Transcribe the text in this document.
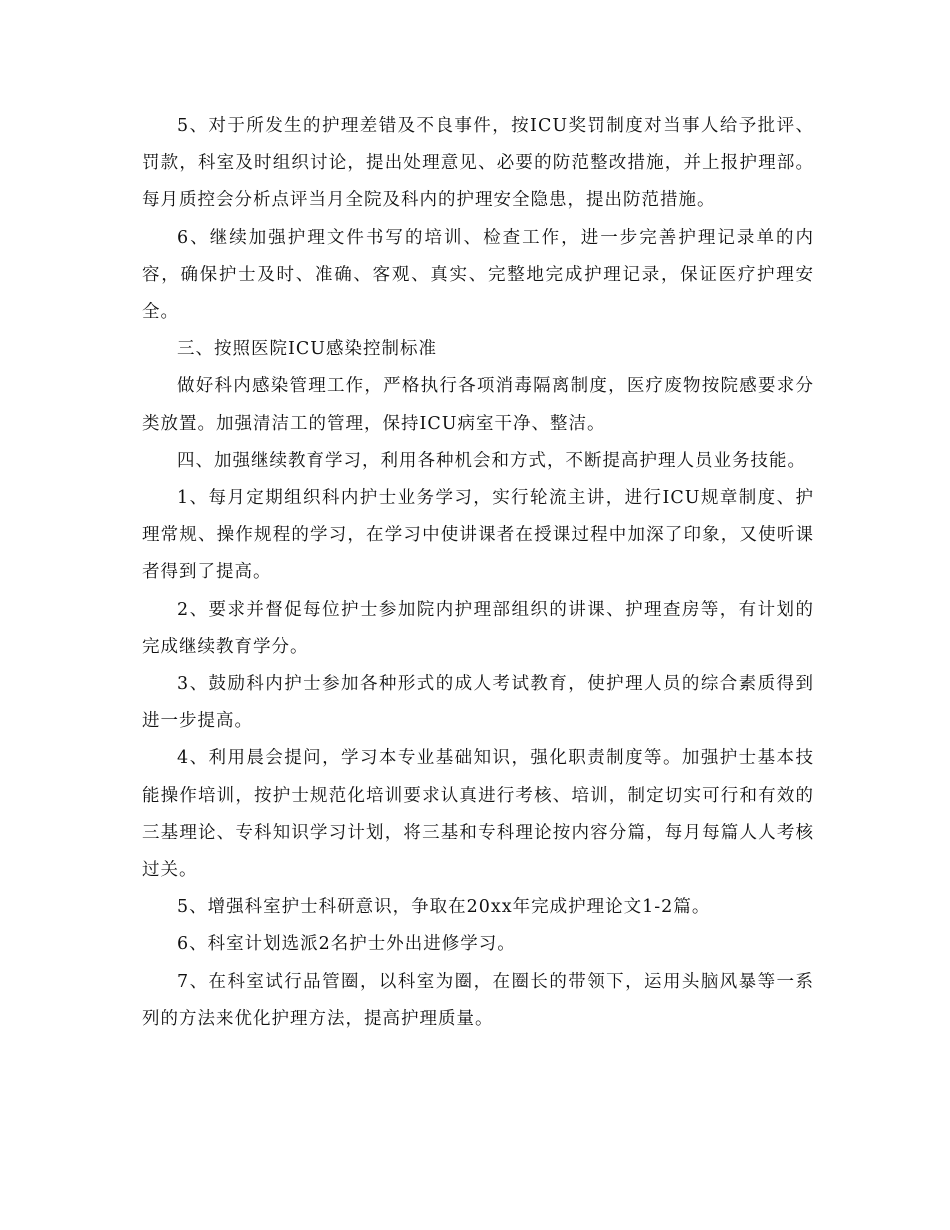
5、对于所发生的护理差错及不良事件，按ICU奖罚制度对当事人给予批评、罚款，科室及时组织讨论，提出处理意见、必要的防范整改措施，并上报护理部。每月质控会分析点评当月全院及科内的护理安全隐患，提出防范措施。

6、继续加强护理文件书写的培训、检查工作，进一步完善护理记录单的内容，确保护士及时、准确、客观、真实、完整地完成护理记录，保证医疗护理安全。

三、按照医院ICU感染控制标准

做好科内感染管理工作，严格执行各项消毒隔离制度，医疗废物按院感要求分类放置。加强清洁工的管理，保持ICU病室干净、整洁。

四、加强继续教育学习，利用各种机会和方式，不断提高护理人员业务技能。

1、每月定期组织科内护士业务学习，实行轮流主讲，进行ICU规章制度、护理常规、操作规程的学习，在学习中使讲课者在授课过程中加深了印象，又使听课者得到了提高。

2、要求并督促每位护士参加院内护理部组织的讲课、护理查房等，有计划的完成继续教育学分。

3、鼓励科内护士参加各种形式的成人考试教育，使护理人员的综合素质得到进一步提高。

4、利用晨会提问，学习本专业基础知识，强化职责制度等。加强护士基本技能操作培训，按护士规范化培训要求认真进行考核、培训，制定切实可行和有效的三基理论、专科知识学习计划，将三基和专科理论按内容分篇，每月每篇人人考核过关。

5、增强科室护士科研意识，争取在20xx年完成护理论文1-2篇。

6、科室计划选派2名护士外出进修学习。

7、在科室试行品管圈，以科室为圈，在圈长的带领下，运用头脑风暴等一系列的方法来优化护理方法，提高护理质量。
